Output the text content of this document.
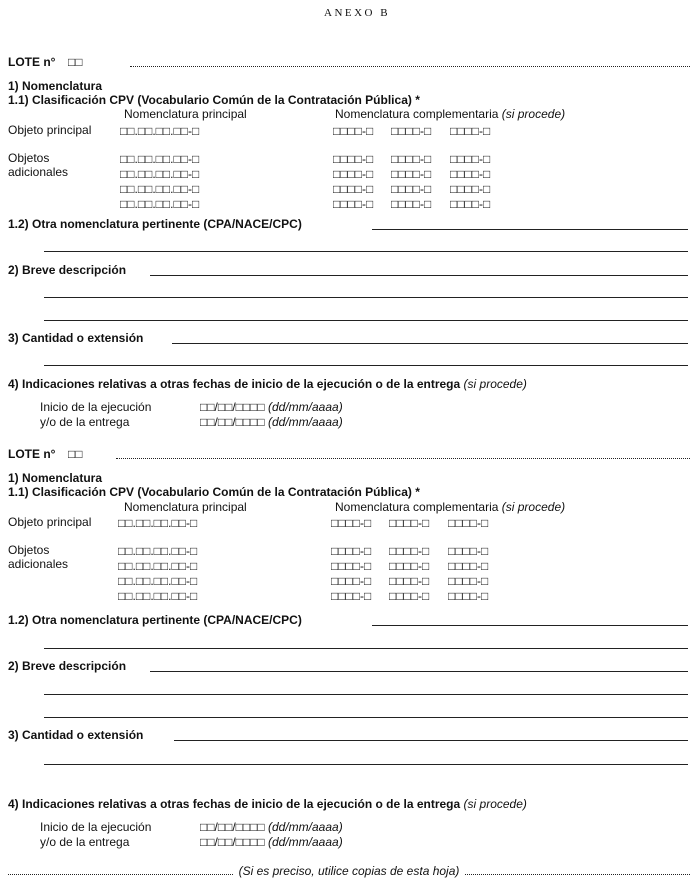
ANEXO B
LOTE n° □□
1) Nomenclatura
1.1) Clasificación CPV (Vocabulario Común de la Contratación Pública) *
Nomenclatura principal	Nomenclatura complementaria (si procede)
Objeto principal □□.□□.□□.□□-□	□□□□-□ □□□□-□ □□□□-□
Objetos
adicionales
□□.□□.□□.□□-□	□□□□-□ □□□□-□ □□□□-□
□□.□□.□□.□□-□	□□□□-□ □□□□-□ □□□□-□
□□.□□.□□.□□-□	□□□□-□ □□□□-□ □□□□-□
□□.□□.□□.□□-□	□□□□-□ □□□□-□ □□□□-□
1.2) Otra nomenclatura pertinente (CPA/NACE/CPC)
2) Breve descripción
3) Cantidad o extensión
4) Indicaciones relativas a otras fechas de inicio de la ejecución o de la entrega (si procede)
Inicio de la ejecución	□□/□□/□□□□ (dd/mm/aaaa)
y/o de la entrega	□□/□□/□□□□ (dd/mm/aaaa)
LOTE n° □□
1) Nomenclatura
1.1) Clasificación CPV (Vocabulario Común de la Contratación Pública) *
Nomenclatura principal	Nomenclatura complementaria (si procede)
Objeto principal □□.□□.□□.□□-□	□□□□-□ □□□□-□ □□□□-□
Objetos
adicionales
□□.□□.□□.□□-□	□□□□-□ □□□□-□ □□□□-□
□□.□□.□□.□□-□	□□□□-□ □□□□-□ □□□□-□
□□.□□.□□.□□-□	□□□□-□ □□□□-□ □□□□-□
□□.□□.□□.□□-□	□□□□-□ □□□□-□ □□□□-□
1.2) Otra nomenclatura pertinente (CPA/NACE/CPC)
2) Breve descripción
3) Cantidad o extensión
4) Indicaciones relativas a otras fechas de inicio de la ejecución o de la entrega (si procede)
Inicio de la ejecución	□□/□□/□□□□ (dd/mm/aaaa)
y/o de la entrega	□□/□□/□□□□ (dd/mm/aaaa)
(Si es preciso, utilice copias de esta hoja)
